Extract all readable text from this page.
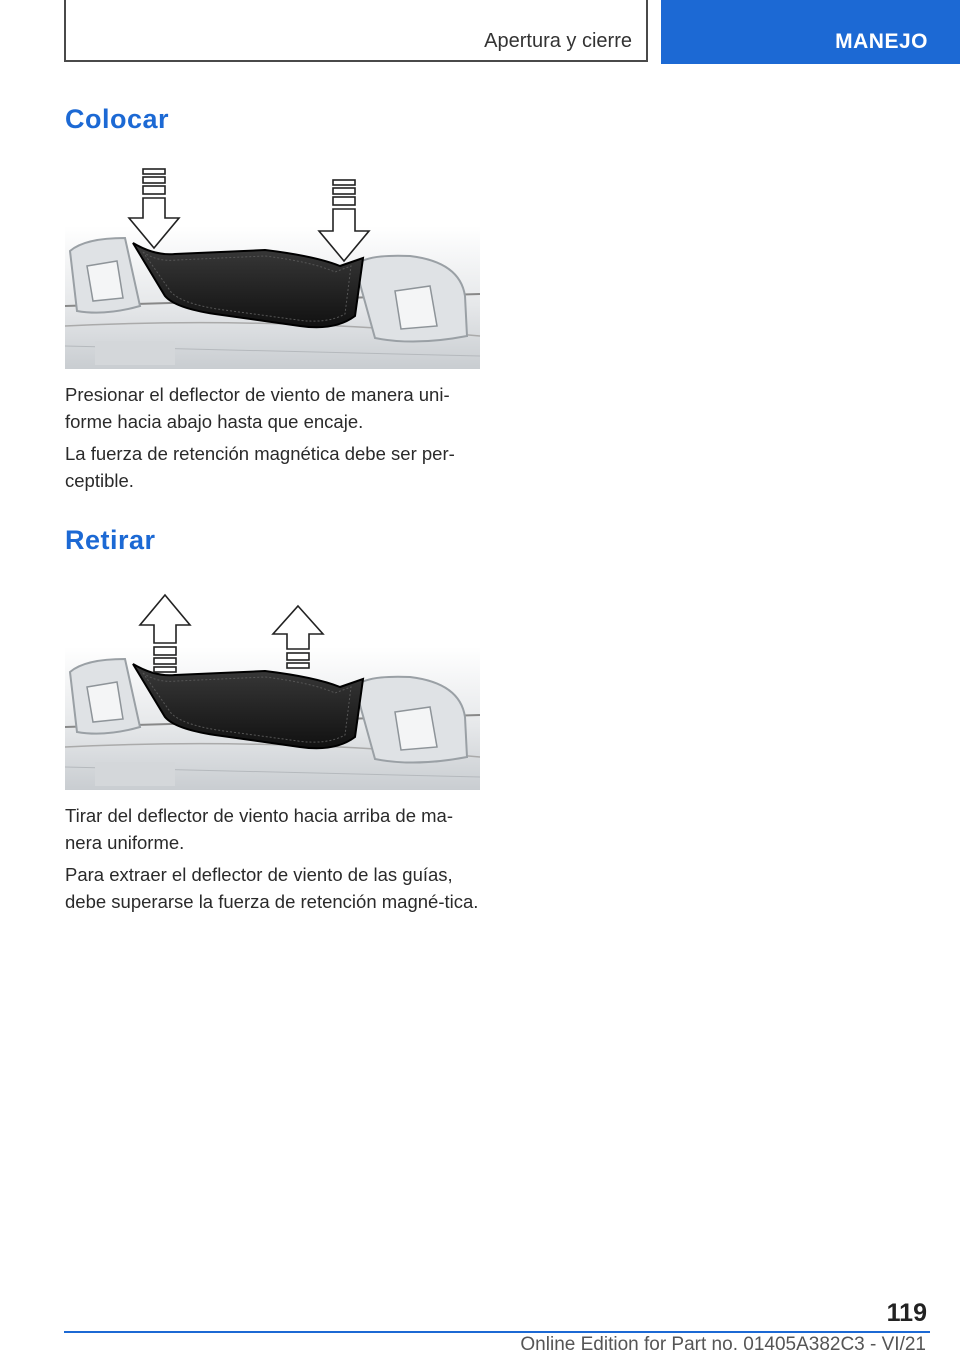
Apertura y cierre	MANEJO
Colocar

Presionar el deflector de viento de manera uni‐forme hacia abajo hasta que encaje.

La fuerza de retención magnética debe ser per‐ceptible.

Retirar

Tirar del deflector de viento hacia arriba de ma‐nera uniforme.

Para extraer el deflector de viento de las guías, debe superarse la fuerza de retención magné‐tica.

119
Online Edition for Part no. 01405A382C3 - VI/21
